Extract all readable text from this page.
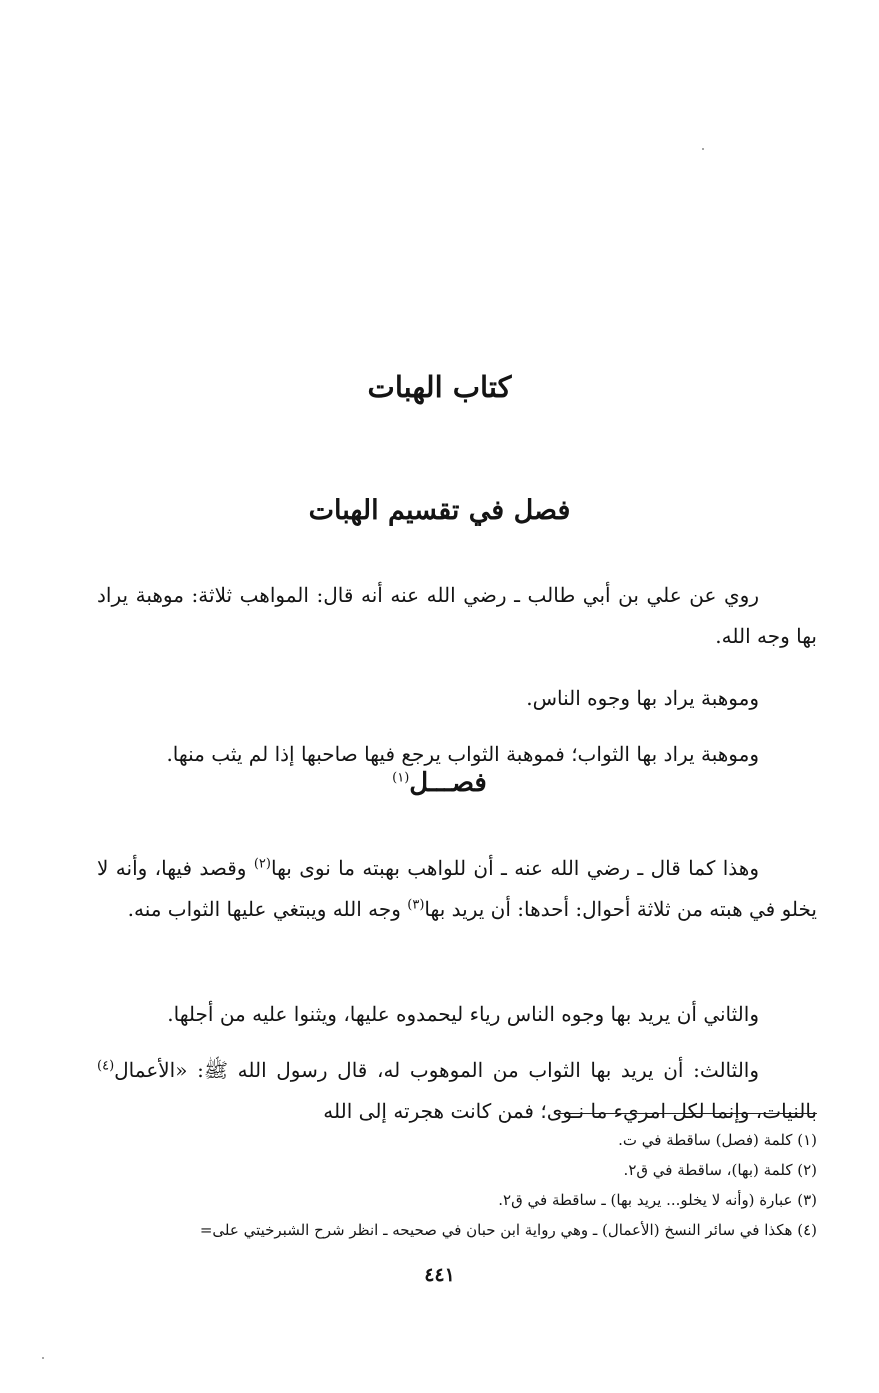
كتاب الهبات
فصل في تقسيم الهبات

روي عن علي بن أبي طالب ـ رضي الله عنه أنه قال: المواهب ثلاثة: موهبة يراد بها وجه الله.

وموهبة يراد بها وجوه الناس.

وموهبة يراد بها الثواب؛ فموهبة الثواب يرجع فيها صاحبها إذا لم يثب منها.

فصـــل$^{(١)}$

وهذا كما قال ـ رضي الله عنه ـ أن للواهب بهبته ما نوى بها$^{(٢)}$ وقصد فيها، وأنه لا يخلو في هبته من ثلاثة أحوال: أحدها: أن يريد بها$^{(٣)}$ وجه الله ويبتغي عليها الثواب منه.

والثاني أن يريد بها وجوه الناس رياء ليحمدوه عليها، ويثنوا عليه من أجلها.

والثالث: أن يريد بها الثواب من الموهوب له، قال رسول الله ﷺ: «الأعمال$^{(٤)}$ بالنيات، وإنما لكل امريء ما نـوى؛ فمن كانت هجرته إلى الله

(١) كلمة (فصل) ساقطة في ت.
(٢) كلمة (بها)، ساقطة في ق٢.
(٣) عبارة (وأنه لا يخلو... يريد بها) ـ ساقطة في ق٢.
(٤) هكذا في سائر النسخ (الأعمال) ـ وهي رواية ابن حبان في صحيحه ـ انظر شرح الشبرخيتي على=
٤٤١
